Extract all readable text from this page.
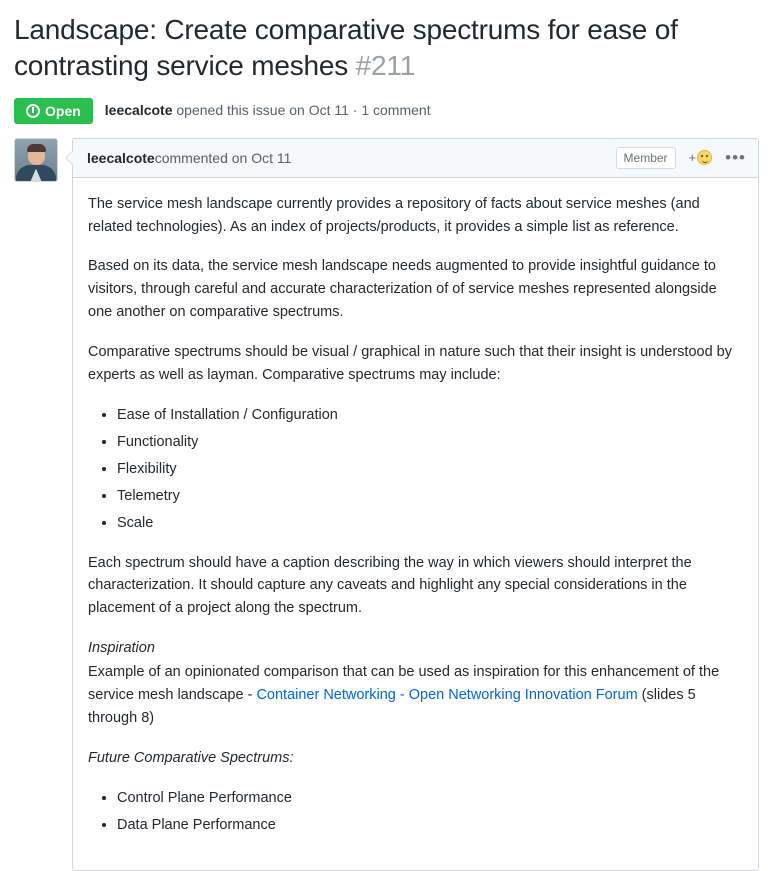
Landscape: Create comparative spectrums for ease of contrasting service meshes #211
Open leecalcote opened this issue on Oct 11 · 1 comment
leecalcote commented on Oct 11	Member	+ •••

The service mesh landscape currently provides a repository of facts about service meshes (and related technologies). As an index of projects/products, it provides a simple list as reference.

Based on its data, the service mesh landscape needs augmented to provide insightful guidance to visitors, through careful and accurate characterization of of service meshes represented alongside one another on comparative spectrums.

Comparative spectrums should be visual / graphical in nature such that their insight is understood by experts as well as layman. Comparative spectrums may include:

• Ease of Installation / Configuration
• Functionality
• Flexibility
• Telemetry
• Scale

Each spectrum should have a caption describing the way in which viewers should interpret the characterization. It should capture any caveats and highlight any special considerations in the placement of a project along the spectrum.

Inspiration
Example of an opinionated comparison that can be used as inspiration for this enhancement of the service mesh landscape - Container Networking - Open Networking Innovation Forum (slides 5 through 8)

Future Comparative Spectrums:

• Control Plane Performance
• Data Plane Performance
